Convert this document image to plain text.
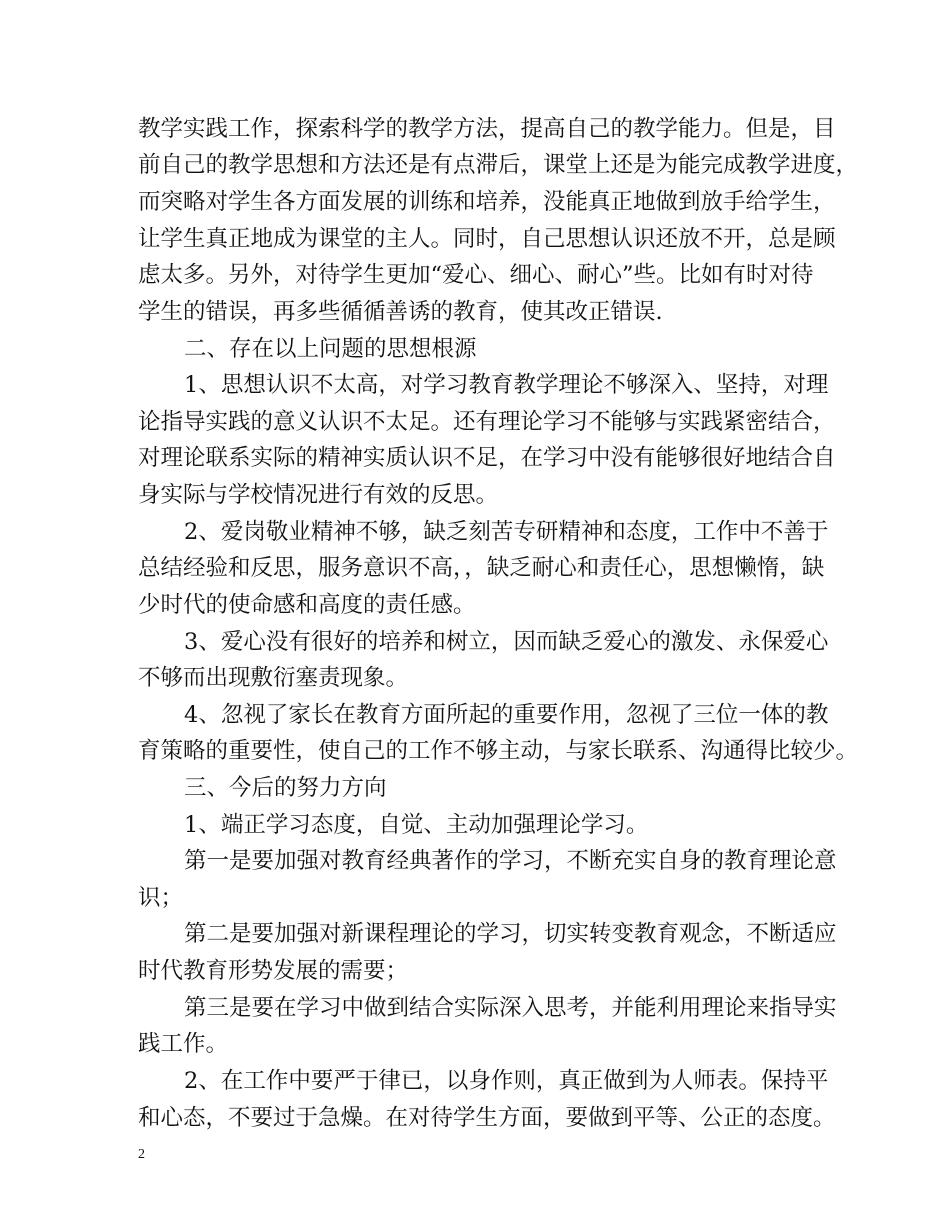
教学实践工作，探索科学的教学方法，提高自己的教学能力。但是，目
前自己的教学思想和方法还是有点滞后，课堂上还是为能完成教学进度，
而突略对学生各方面发展的训练和培养，没能真正地做到放手给学生，
让学生真正地成为课堂的主人。同时，自己思想认识还放不开，总是顾
虑太多。另外，对待学生更加“爱心、细心、耐心”些。比如有时对待
学生的错误，再多些循循善诱的教育，使其改正错误.
二、存在以上问题的思想根源
1、思想认识不太高，对学习教育教学理论不够深入、坚持，对理
论指导实践的意义认识不太足。还有理论学习不能够与实践紧密结合，
对理论联系实际的精神实质认识不足，在学习中没有能够很好地结合自
身实际与学校情况进行有效的反思。
2、爱岗敬业精神不够，缺乏刻苦专研精神和态度，工作中不善于
总结经验和反思，服务意识不高，，缺乏耐心和责任心，思想懒惰，缺
少时代的使命感和高度的责任感。
3、爱心没有很好的培养和树立，因而缺乏爱心的激发、永保爱心
不够而出现敷衍塞责现象。
4、忽视了家长在教育方面所起的重要作用，忽视了三位一体的教
育策略的重要性，使自己的工作不够主动，与家长联系、沟通得比较少。
三、今后的努力方向
1、端正学习态度，自觉、主动加强理论学习。
第一是要加强对教育经典著作的学习，不断充实自身的教育理论意
识；
第二是要加强对新课程理论的学习，切实转变教育观念，不断适应
时代教育形势发展的需要；
第三是要在学习中做到结合实际深入思考，并能利用理论来指导实
践工作。
2、在工作中要严于律已，以身作则，真正做到为人师表。保持平
和心态，不要过于急燥。在对待学生方面，要做到平等、公正的态度。
2
